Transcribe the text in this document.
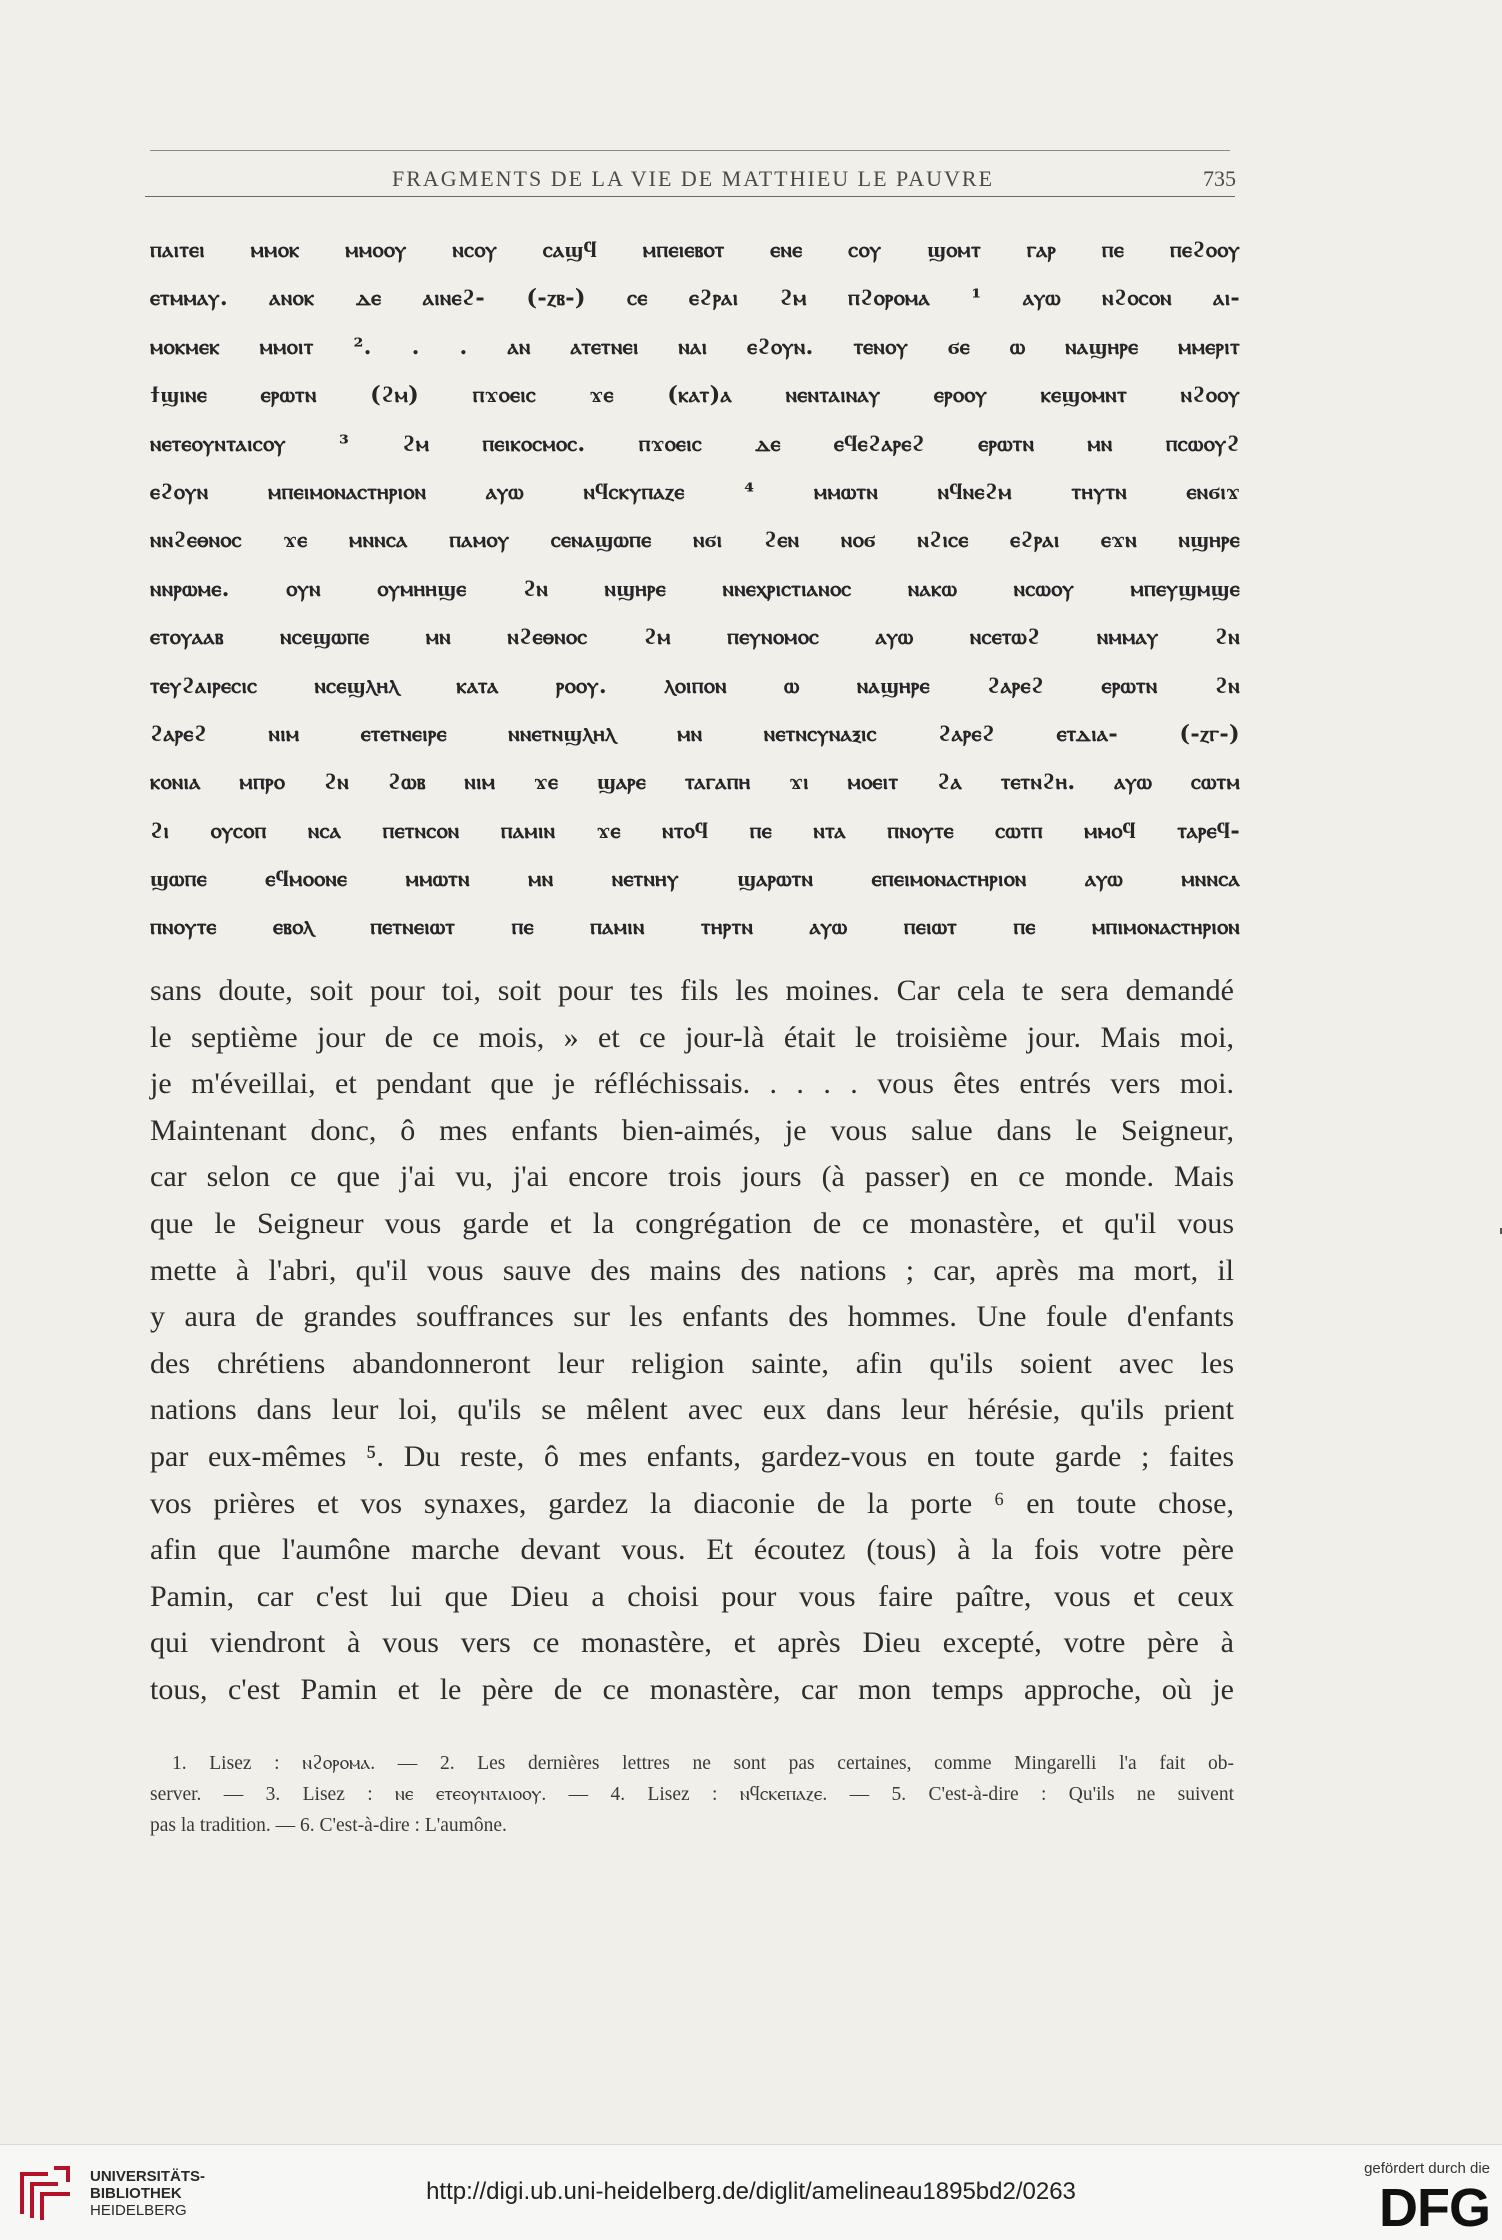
FRAGMENTS DE LA VIE DE MATTHIEU LE PAUVRE	735
ⲡⲁⲓⲧⲉⲓ ⲙⲙⲟⲕ ⲙⲙⲟⲟⲩ ⲛⲥⲟⲩ ⲥⲁϣϥ ⲙⲡⲉⲓⲉⲃⲟⲧ ⲉⲛⲉ ⲥⲟⲩ ϣⲟⲙⲧ ⲅⲁⲣ ⲡⲉ ⲡⲉϩⲟⲟⲩ
ⲉⲧⲙⲙⲁⲩ. ⲁⲛⲟⲕ ⲇⲉ ⲁⲓⲛⲉϩ- (-ⲍⲃ-) ⲥⲉ ⲉϩⲣⲁⲓ ϩⲙ ⲡϩⲟⲣⲟⲙⲁ ¹ ⲁⲩⲱ ⲛϩⲟⲥⲟⲛ ⲁⲓ-
ⲙⲟⲕⲙⲉⲕ ⲙⲙⲟⲓⲧ ². . . ⲁⲛ ⲁⲧⲉⲧⲛⲉⲓ ⲛⲁⲓ ⲉϩⲟⲩⲛ. ⲧⲉⲛⲟⲩ ϭⲉ ⲱ ⲛⲁϣⲏⲣⲉ ⲙⲙⲉⲣⲓⲧ
ϯϣⲓⲛⲉ ⲉⲣⲱⲧⲛ (ϩⲙ) ⲡϫⲟⲉⲓⲥ ϫⲉ (ⲕⲁⲧ)ⲁ ⲛⲉⲛⲧⲁⲓⲛⲁⲩ ⲉⲣⲟⲟⲩ ⲕⲉϣⲟⲙⲛⲧ ⲛϩⲟⲟⲩ
ⲛⲉⲧⲉⲟⲩⲛⲧⲁⲓⲥⲟⲩ ³ ϩⲙ ⲡⲉⲓⲕⲟⲥⲙⲟⲥ. ⲡϫⲟⲉⲓⲥ ⲇⲉ ⲉϥⲉϩⲁⲣⲉϩ ⲉⲣⲱⲧⲛ ⲙⲛ ⲡⲥⲱⲟⲩϩ
ⲉϩⲟⲩⲛ ⲙⲡⲉⲓⲙⲟⲛⲁⲥⲧⲏⲣⲓⲟⲛ ⲁⲩⲱ ⲛϥⲥⲕⲩⲡⲁⲍⲉ ⁴ ⲙⲙⲱⲧⲛ ⲛϥⲛⲉϩⲙ ⲧⲏⲩⲧⲛ ⲉⲛϭⲓϫ
ⲛⲛϩⲉⲑⲛⲟⲥ ϫⲉ ⲙⲛⲛⲥⲁ ⲡⲁⲙⲟⲩ ⲥⲉⲛⲁϣⲱⲡⲉ ⲛϭⲓ ϩⲉⲛ ⲛⲟϭ ⲛϩⲓⲥⲉ ⲉϩⲣⲁⲓ ⲉϫⲛ ⲛϣⲏⲣⲉ
ⲛⲛⲣⲱⲙⲉ. ⲟⲩⲛ ⲟⲩⲙⲏⲏϣⲉ ϩⲛ ⲛϣⲏⲣⲉ ⲛⲛⲉⲭⲣⲓⲥⲧⲓⲁⲛⲟⲥ ⲛⲁⲕⲱ ⲛⲥⲱⲟⲩ ⲙⲡⲉⲩϣⲙϣⲉ
ⲉⲧⲟⲩⲁⲁⲃ ⲛⲥⲉϣⲱⲡⲉ ⲙⲛ ⲛϩⲉⲑⲛⲟⲥ ϩⲙ ⲡⲉⲩⲛⲟⲙⲟⲥ ⲁⲩⲱ ⲛⲥⲉⲧⲱϩ ⲛⲙⲙⲁⲩ ϩⲛ
ⲧⲉⲩϩⲁⲓⲣⲉⲥⲓⲥ ⲛⲥⲉϣⲗⲏⲗ ⲕⲁⲧⲁ ⲣⲟⲟⲩ. ⲗⲟⲓⲡⲟⲛ ⲱ ⲛⲁϣⲏⲣⲉ ϩⲁⲣⲉϩ ⲉⲣⲱⲧⲛ ϩⲛ
ϩⲁⲣⲉϩ ⲛⲓⲙ ⲉⲧⲉⲧⲛⲉⲓⲣⲉ ⲛⲛⲉⲧⲛϣⲗⲏⲗ ⲙⲛ ⲛⲉⲧⲛⲥⲩⲛⲁⲝⲓⲥ ϩⲁⲣⲉϩ ⲉⲧⲇⲓⲁ- (-ⲍⲅ-)
ⲕⲟⲛⲓⲁ ⲙⲡⲣⲟ ϩⲛ ϩⲱⲃ ⲛⲓⲙ ϫⲉ ϣⲁⲣⲉ ⲧⲁⲅⲁⲡⲏ ϫⲓ ⲙⲟⲉⲓⲧ ϩⲁ ⲧⲉⲧⲛϩⲏ. ⲁⲩⲱ ⲥⲱⲧⲙ
ϩⲓ ⲟⲩⲥⲟⲡ ⲛⲥⲁ ⲡⲉⲧⲛⲥⲟⲛ ⲡⲁⲙⲓⲛ ϫⲉ ⲛⲧⲟϥ ⲡⲉ ⲛⲧⲁ ⲡⲛⲟⲩⲧⲉ ⲥⲱⲧⲡ ⲙⲙⲟϥ ⲧⲁⲣⲉϥ-
ϣⲱⲡⲉ ⲉϥⲙⲟⲟⲛⲉ ⲙⲙⲱⲧⲛ ⲙⲛ ⲛⲉⲧⲛⲏⲩ ϣⲁⲣⲱⲧⲛ ⲉⲡⲉⲓⲙⲟⲛⲁⲥⲧⲏⲣⲓⲟⲛ ⲁⲩⲱ ⲙⲛⲛⲥⲁ
ⲡⲛⲟⲩⲧⲉ ⲉⲃⲟⲗ ⲡⲉⲧⲛⲉⲓⲱⲧ ⲡⲉ ⲡⲁⲙⲓⲛ ⲧⲏⲣⲧⲛ ⲁⲩⲱ ⲡⲉⲓⲱⲧ ⲡⲉ ⲙⲡⲓⲙⲟⲛⲁⲥⲧⲏⲣⲓⲟⲛ
sans doute, soit pour toi, soit pour tes fils les moines. Car cela te sera demandé
le septième jour de ce mois, » et ce jour-là était le troisième jour. Mais moi,
je m'éveillai, et pendant que je réfléchissais. . . . . vous êtes entrés vers moi.
Maintenant donc, ô mes enfants bien-aimés, je vous salue dans le Seigneur,
car selon ce que j'ai vu, j'ai encore trois jours (à passer) en ce monde. Mais
que le Seigneur vous garde et la congrégation de ce monastère, et qu'il vous
mette à l'abri, qu'il vous sauve des mains des nations ; car, après ma mort, il
y aura de grandes souffrances sur les enfants des hommes. Une foule d'enfants
des chrétiens abandonneront leur religion sainte, afin qu'ils soient avec les
nations dans leur loi, qu'ils se mêlent avec eux dans leur hérésie, qu'ils prient
par eux-mêmes ⁵. Du reste, ô mes enfants, gardez-vous en toute garde ; faites
vos prières et vos synaxes, gardez la diaconie de la porte ⁶ en toute chose,
afin que l'aumône marche devant vous. Et écoutez (tous) à la fois votre père
Pamin, car c'est lui que Dieu a choisi pour vous faire paître, vous et ceux
qui viendront à vous vers ce monastère, et après Dieu excepté, votre père à
tous, c'est Pamin et le père de ce monastère, car mon temps approche, où je
1. Lisez : ⲛϩⲟⲣⲟⲙⲁ. — 2. Les dernières lettres ne sont pas certaines, comme Mingarelli l'a fait ob-
server. — 3. Lisez : ⲛⲉ ⲉⲧⲉⲟⲩⲛⲧⲁⲓⲟⲟⲩ. — 4. Lisez : ⲛϥⲥⲕⲉⲡⲁⲍⲉ. — 5. C'est-à-dire : Qu'ils ne suivent
pas la tradition. — 6. C'est-à-dire : L'aumône.
UNIVERSITÄTS-
BIBLIOTHEK
HEIDELBERG
http://digi.ub.uni-heidelberg.de/diglit/amelineau1895bd2/0263
gefördert durch die
DFG
